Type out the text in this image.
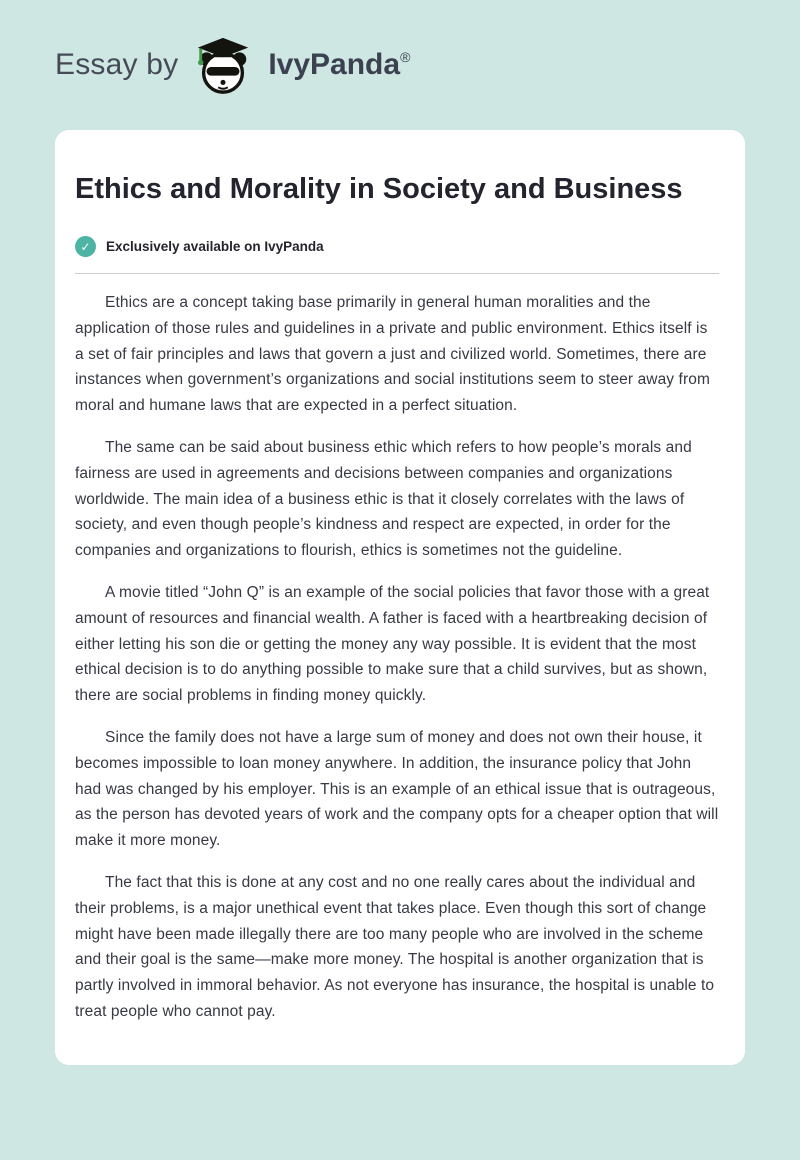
Essay by	IvyPanda®
Ethics and Morality in Society and Business
✓	Exclusively available on IvyPanda

Ethics are a concept taking base primarily in general human moralities and the application of those rules and guidelines in a private and public environment. Ethics itself is a set of fair principles and laws that govern a just and civilized world. Sometimes, there are instances when government’s organizations and social institutions seem to steer away from moral and humane laws that are expected in a perfect situation.

The same can be said about business ethic which refers to how people’s morals and fairness are used in agreements and decisions between companies and organizations worldwide. The main idea of a business ethic is that it closely correlates with the laws of society, and even though people’s kindness and respect are expected, in order for the companies and organizations to flourish, ethics is sometimes not the guideline.

A movie titled “John Q” is an example of the social policies that favor those with a great amount of resources and financial wealth. A father is faced with a heartbreaking decision of either letting his son die or getting the money any way possible. It is evident that the most ethical decision is to do anything possible to make sure that a child survives, but as shown, there are social problems in finding money quickly.

Since the family does not have a large sum of money and does not own their house, it becomes impossible to loan money anywhere. In addition, the insurance policy that John had was changed by his employer. This is an example of an ethical issue that is outrageous, as the person has devoted years of work and the company opts for a cheaper option that will make it more money.

The fact that this is done at any cost and no one really cares about the individual and their problems, is a major unethical event that takes place. Even though this sort of change might have been made illegally there are too many people who are involved in the scheme and their goal is the same—make more money. The hospital is another organization that is partly involved in immoral behavior. As not everyone has insurance, the hospital is unable to treat people who cannot pay.
